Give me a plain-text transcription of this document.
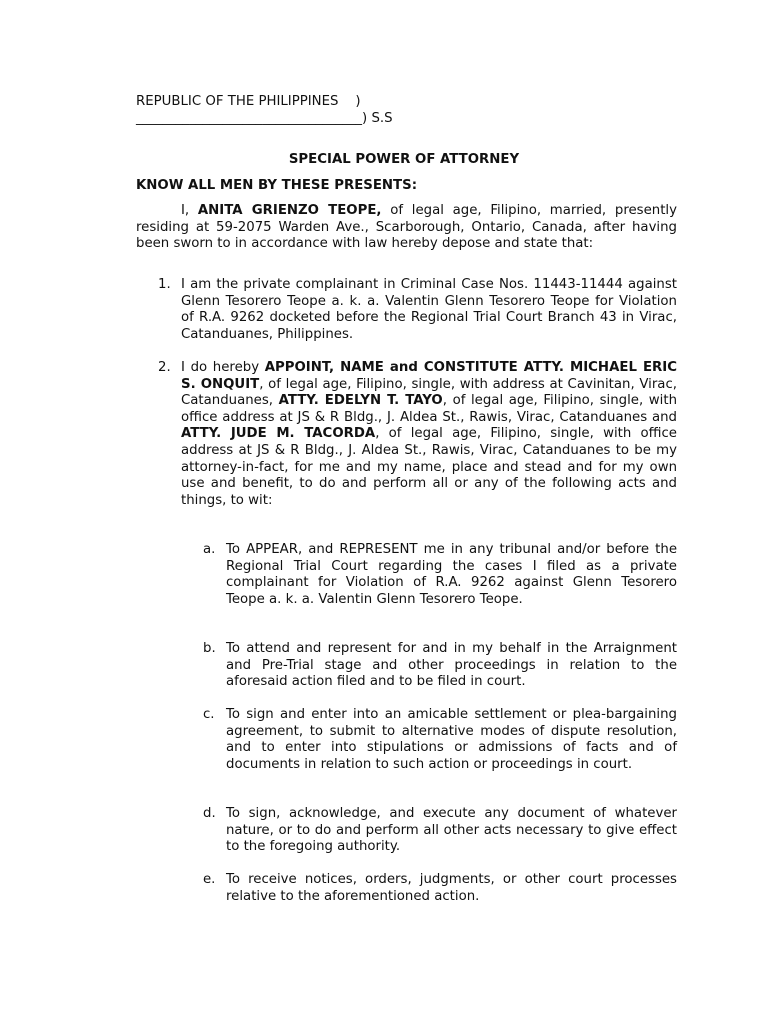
REPUBLIC OF THE PHILIPPINES    )
__________________________________) S.S
SPECIAL POWER OF ATTORNEY
KNOW ALL MEN BY THESE PRESENTS:
I, ANITA GRIENZO TEOPE, of legal age, Filipino, married, presently residing at 59-2075 Warden Ave., Scarborough, Ontario, Canada, after having been sworn to in accordance with law hereby depose and state that:
1. I am the private complainant in Criminal Case Nos. 11443-11444 against Glenn Tesorero Teope a. k. a. Valentin Glenn Tesorero Teope for Violation of R.A. 9262 docketed before the Regional Trial Court Branch 43 in Virac, Catanduanes, Philippines.
2. I do hereby APPOINT, NAME and CONSTITUTE ATTY. MICHAEL ERIC S. ONQUIT, of legal age, Filipino, single, with address at Cavinitan, Virac, Catanduanes, ATTY. EDELYN T. TAYO, of legal age, Filipino, single, with office address at JS & R Bldg., J. Aldea St., Rawis, Virac, Catanduanes and ATTY. JUDE M. TACORDA, of legal age, Filipino, single, with office address at JS & R Bldg., J. Aldea St., Rawis, Virac, Catanduanes to be my attorney-in-fact, for me and my name, place and stead and for my own use and benefit, to do and perform all or any of the following acts and things, to wit:
a. To APPEAR, and REPRESENT me in any tribunal and/or before the Regional Trial Court regarding the cases I filed as a private complainant for Violation of R.A. 9262 against Glenn Tesorero Teope a. k. a. Valentin Glenn Tesorero Teope.
b. To attend and represent for and in my behalf in the Arraignment and Pre-Trial stage and other proceedings in relation to the aforesaid action filed and to be filed in court.
c. To sign and enter into an amicable settlement or plea-bargaining agreement, to submit to alternative modes of dispute resolution, and to enter into stipulations or admissions of facts and of documents in relation to such action or proceedings in court.
d. To sign, acknowledge, and execute any document of whatever nature, or to do and perform all other acts necessary to give effect to the foregoing authority.
e. To receive notices, orders, judgments, or other court processes relative to the aforementioned action.
